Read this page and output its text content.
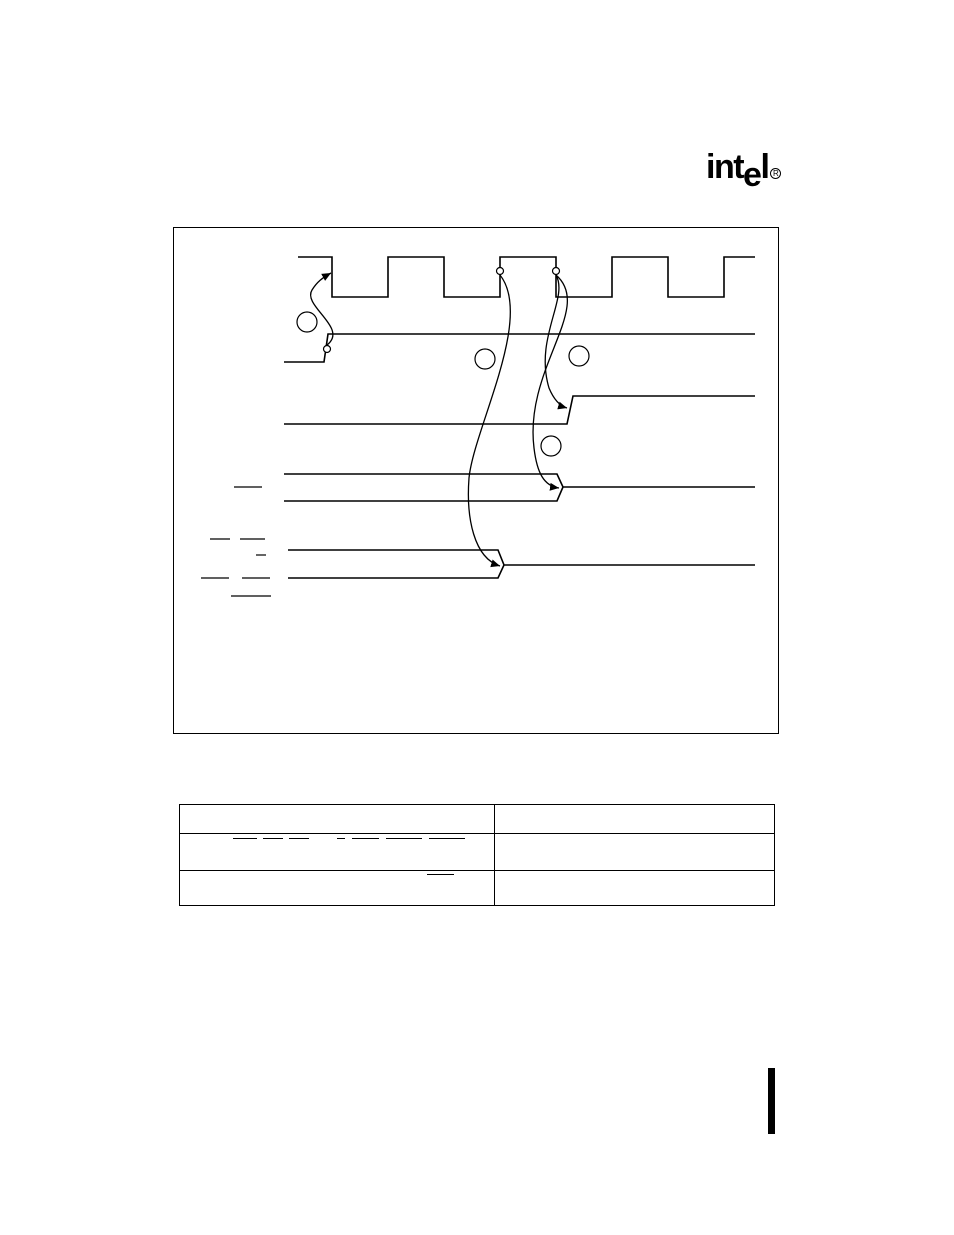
intel R
